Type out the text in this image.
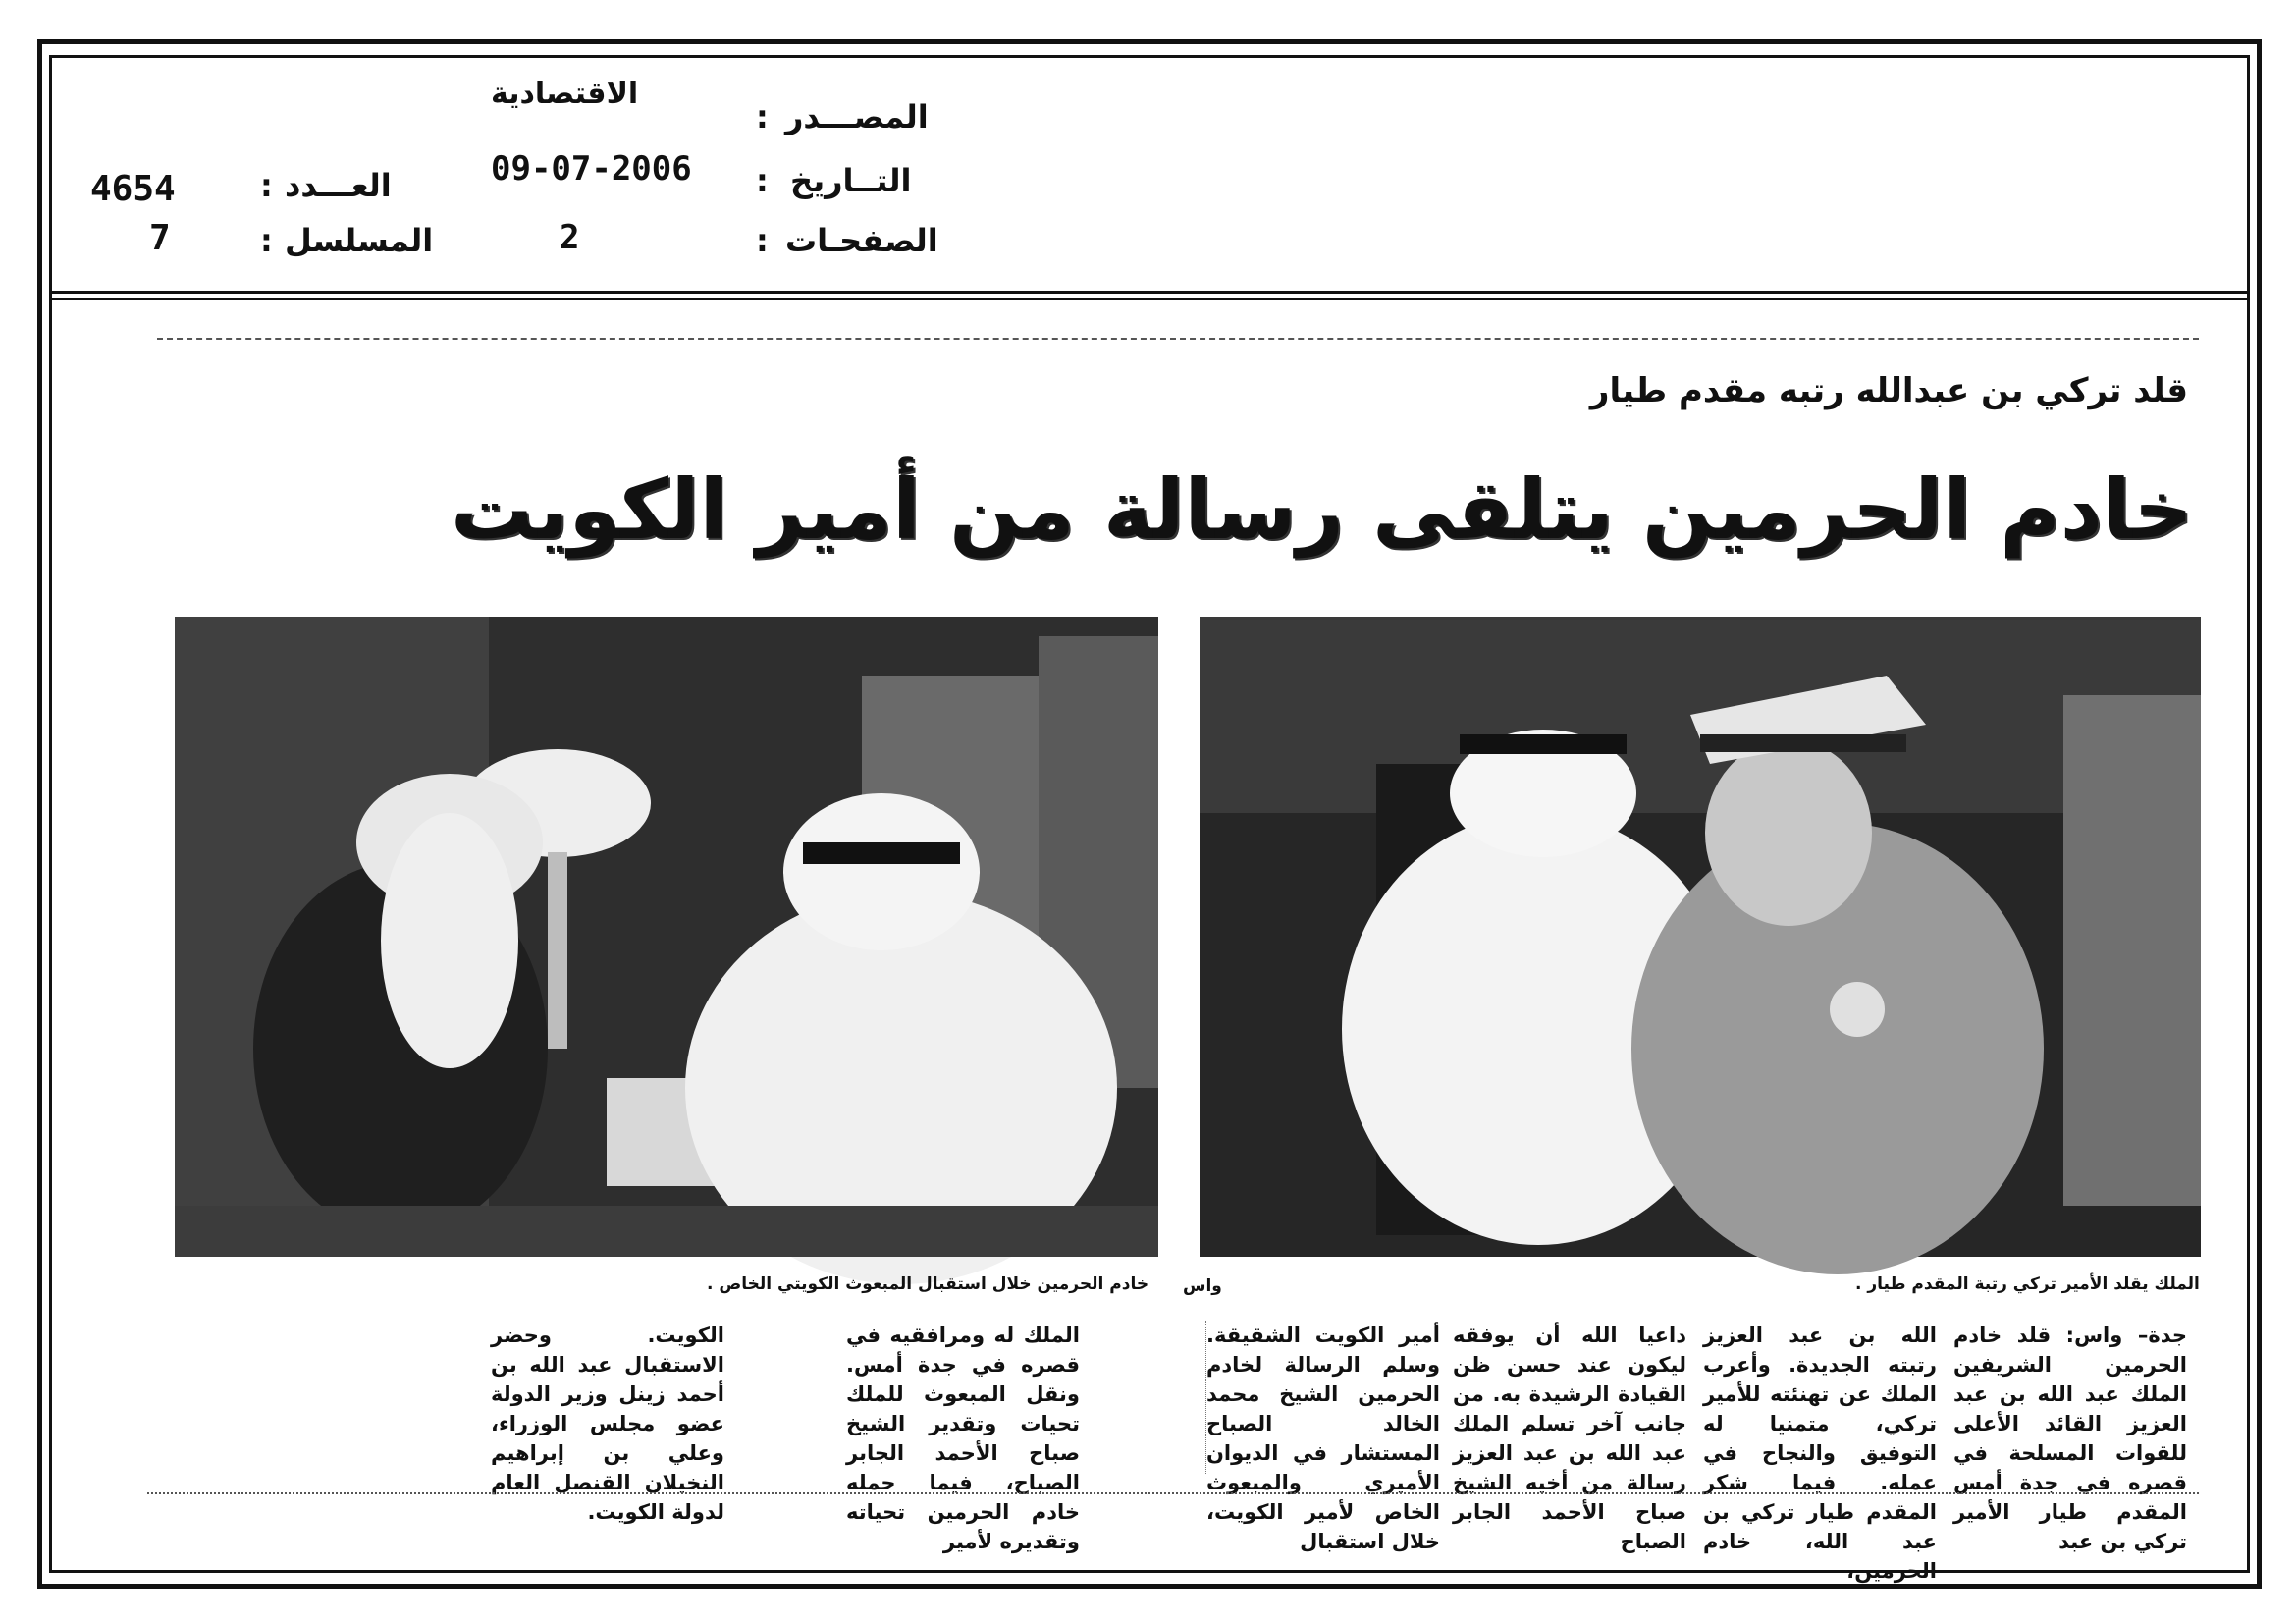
المصـــدر
:
الاقتصادية
التــاريخ
:
09-07-2006
الصفحـات
:
2
العـــدد
:
4654
المسلسل
:
7
قلد تركي بن عبدالله رتبه مقدم طيار
خادم الحرمين يتلقى رسالة من أمير الكويت
خادم الحرمين خلال استقبال المبعوث الكويتي الخاص . واس	الملك يقلد الأمير تركي رتبة المقدم طيار .
جدة– واس: قلد خادم الحرمين الشريفين الملك عبد الله بن عبد العزيز القائد الأعلى للقوات المسلحة في قصره في جدة أمس المقدم طيار الأمير تركي بن عبد
الله بن عبد العزيز رتبته الجديدة. وأعرب الملك عن تهنئته للأمير تركي، متمنيا له التوفيق والنجاح في عمله. فيما شكر المقدم طيار تركي بن عبد الله، خادم الحرمين،
داعيا الله أن يوفقه ليكون عند حسن ظن القيادة الرشيدة به. من جانب آخر تسلم الملك عبد الله بن عبد العزيز رسالة من أخيه الشيخ صباح الأحمد الجابر الصباح
أمير الكويت الشقيقة. وسلم الرسالة لخادم الحرمين الشيخ محمد الخالد الصباح المستشار في الديوان الأميري والمبعوث الخاص لأمير الكويت، خلال استقبال
الملك له ومرافقيه في قصره في جدة أمس. ونقل المبعوث للملك تحيات وتقدير الشيخ صباح الأحمد الجابر الصباح، فيما حمله خادم الحرمين تحياته وتقديره لأمير
الكويت. وحضر الاستقبال عبد الله بن أحمد زينل وزير الدولة عضو مجلس الوزراء، وعلي بن إبراهيم النخيلان القنصل العام لدولة الكويت.
